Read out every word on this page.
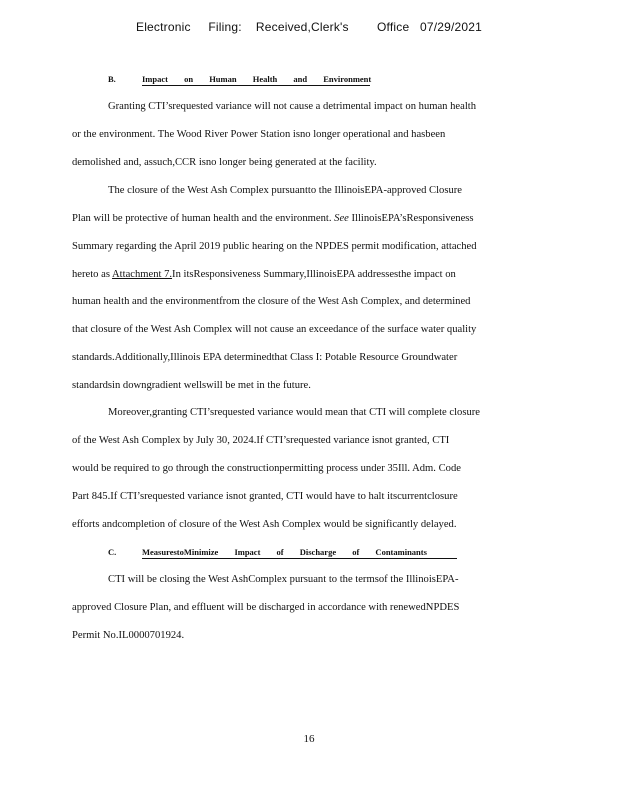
Electronic     Filing:    Received,Clerk's        Office   07/29/2021
B.	Impact on Human Health and Environment
Granting CTI’srequested variance will not cause a detrimental impact on human health
or the environment. The Wood River Power Station isno longer operational and hasbeen
demolished and, assuch,CCR isno longer being generated at the facility.
The closure of the West Ash Complex pursuantto the IllinoisEPA-approved Closure
Plan will be protective of human health and the environment. See IllinoisEPA’sResponsiveness
Summary regarding the April 2019 public hearing on the NPDES permit modification, attached
hereto as Attachment 7.In itsResponsiveness Summary,IllinoisEPA addressesthe impact on
human health and the environmentfrom the closure of the West Ash Complex, and determined
that closure of the West Ash Complex will not cause an exceedance of the surface water quality
standards.Additionally,Illinois EPA determinedthat Class I: Potable Resource Groundwater
standardsin downgradient wellswill be met in the future.
Moreover,granting CTI’srequested variance would mean that CTI will complete closure
of the West Ash Complex by July 30, 2024.If CTI’srequested variance isnot granted, CTI
would be required to go through the constructionpermitting process under 35Ill. Adm. Code
Part 845.If CTI’srequested variance isnot granted, CTI would have to halt itscurrentclosure
efforts andcompletion of closure of the West Ash Complex would be significantly delayed.
C.	MeasurestoMinimize Impact of Discharge of Contaminants
CTI will be closing the West AshComplex pursuant to the termsof the IllinoisEPA-
approved Closure Plan, and effluent will be discharged in accordance with renewedNPDES
Permit No.IL0000701924.
16
